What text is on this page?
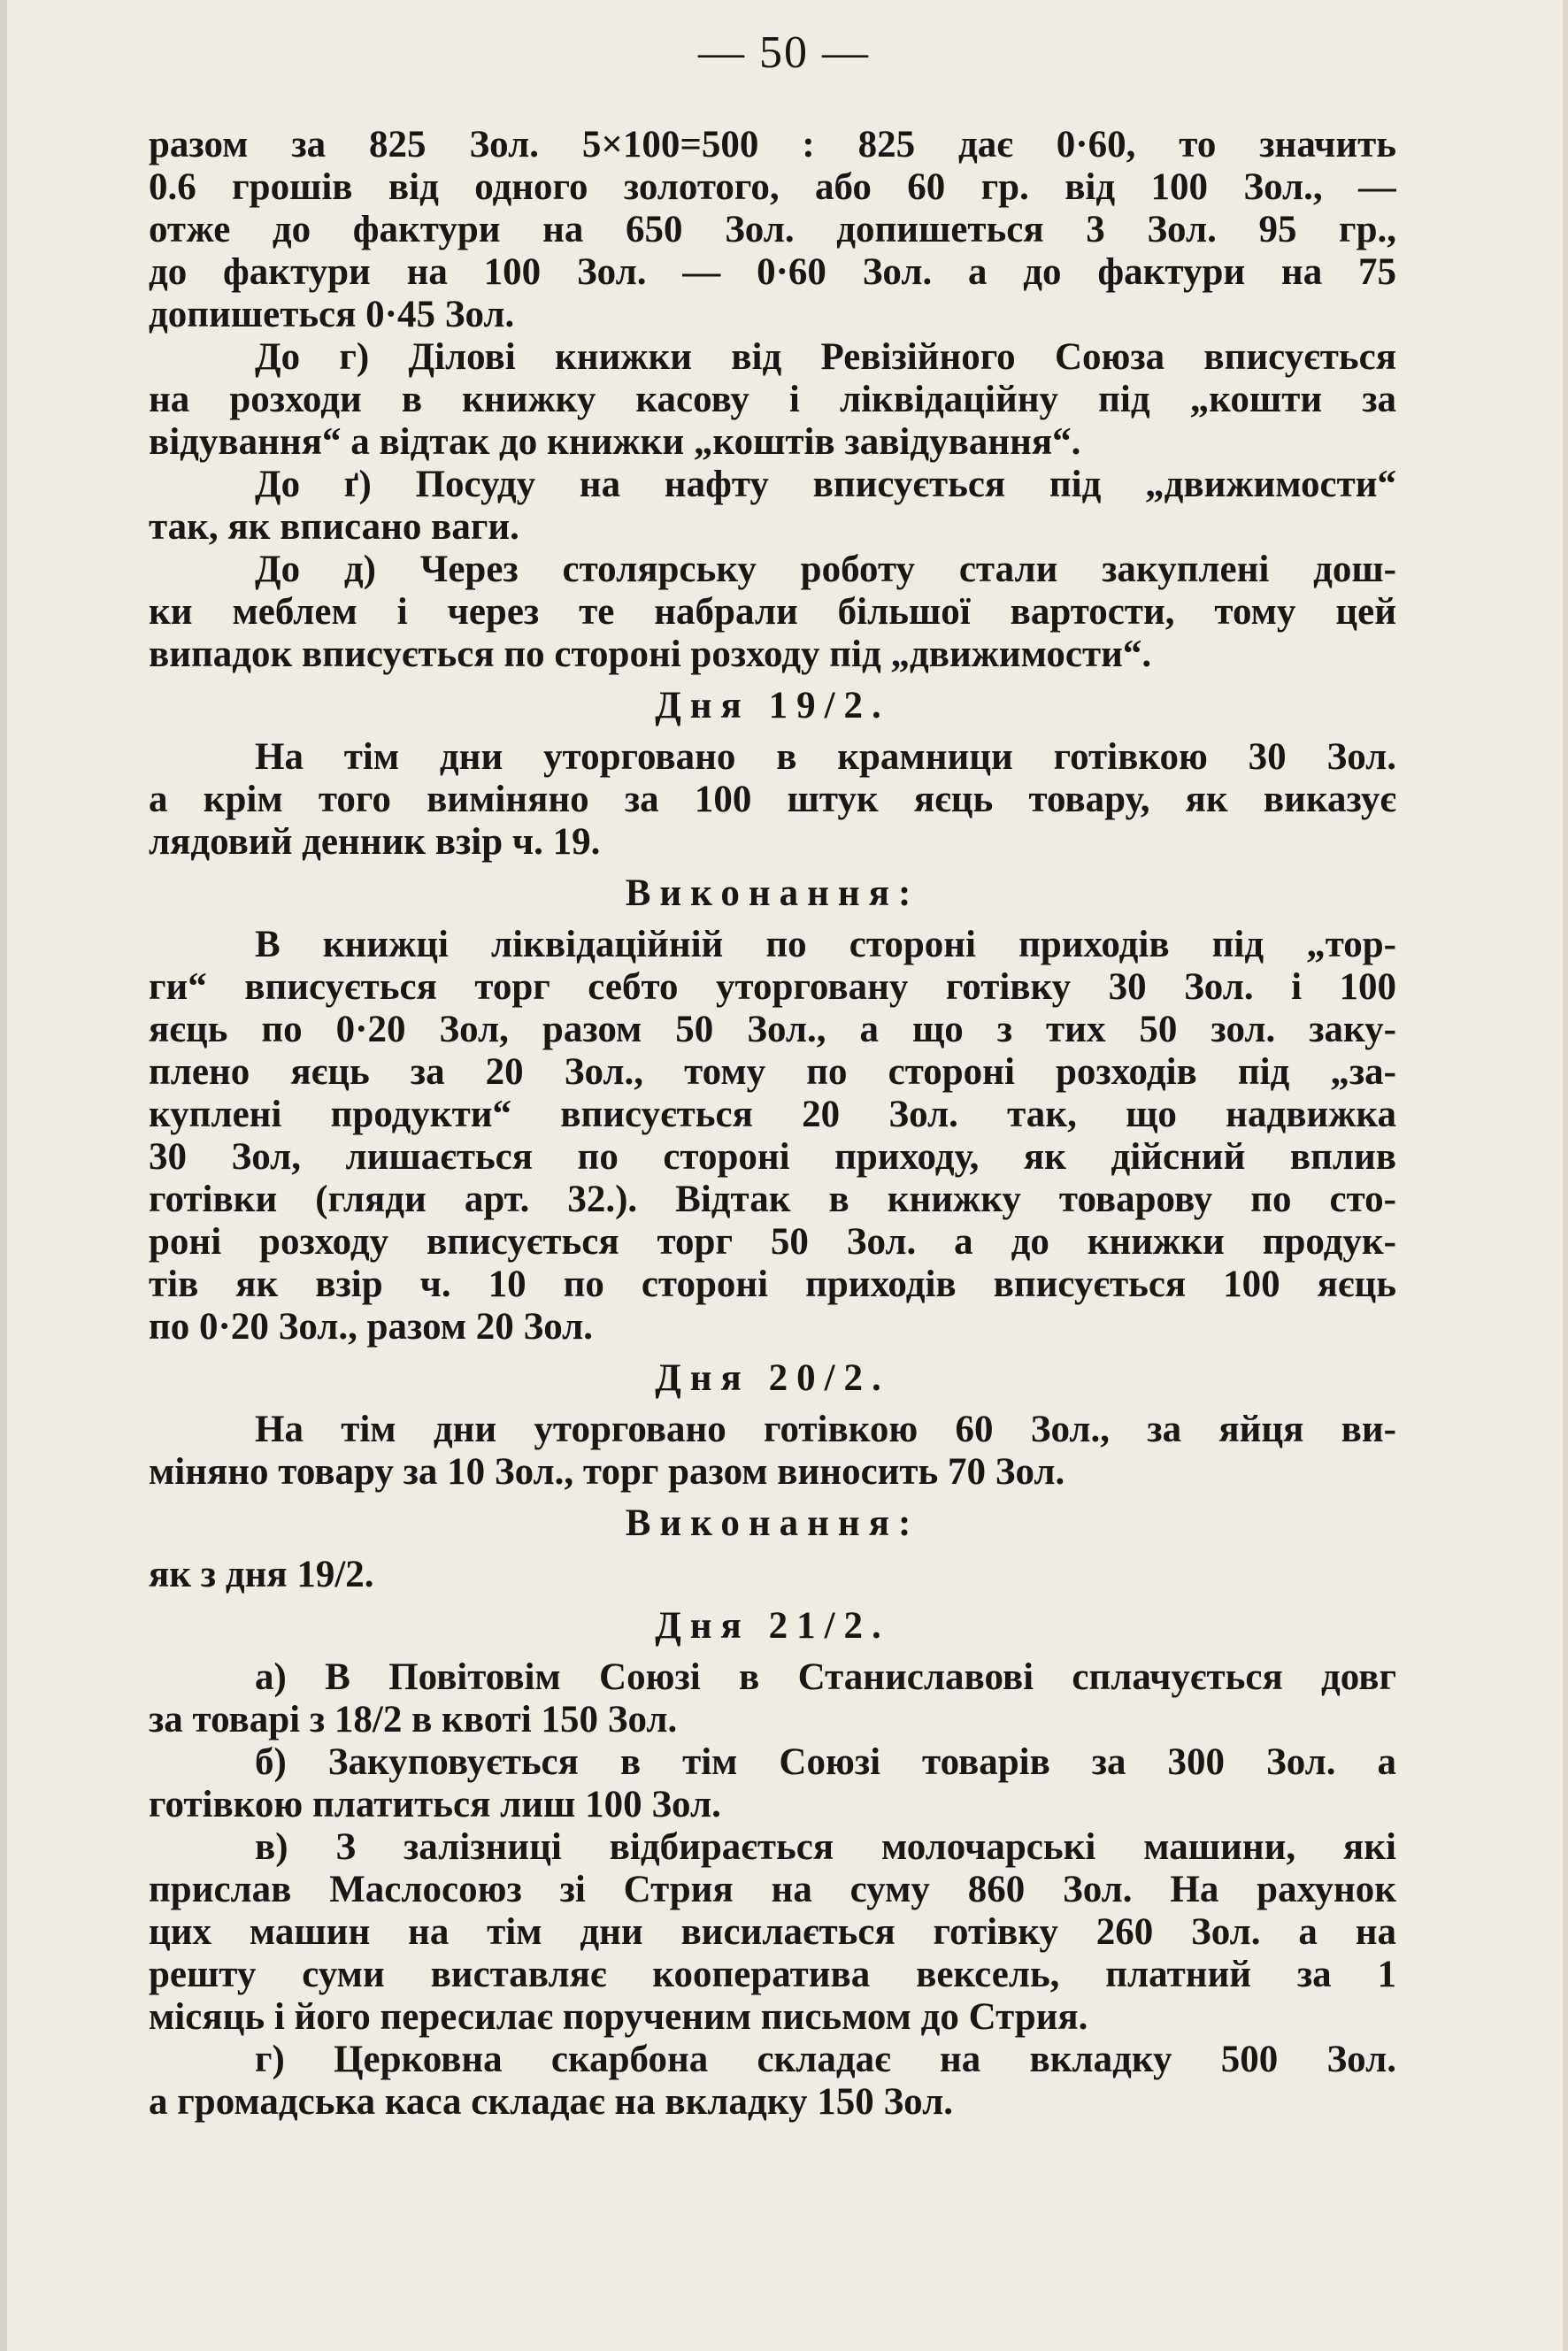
— 50 —

разом за 825 Зол. 5×100=500 : 825 дає 0·60, то значить
0.6 грошів від одного золотого, або 60 гр. від 100 Зол., —
отже до фактури на 650 Зол. допишеться 3 Зол. 95 гр.,
до фактури на 100 Зол. — 0·60 Зол. а до фактури на 75
допишеться 0·45 Зол.

До г) Ділові книжки від Ревізійного Союза вписується
на розходи в книжку касову і ліквідаційну під „кошти за
відування“ а відтак до книжки „коштів завідування“.

До ґ) Посуду на нафту вписується під „движимости“
так, як вписано ваги.

До д) Через столярську роботу стали закуплені дош-
ки меблем і через те набрали більшої вартости, тому цей
випадок вписується по стороні розходу під „движимости“.

Дня 19/2.

На тім дни уторговано в крамници готівкою 30 Зол.
а крім того виміняно за 100 штук яєць товару, як виказує
лядовий денник взір ч. 19.

Виконання:

В книжці ліквідаційній по стороні приходів під „тор-
ги“ вписується торг себто уторговану готівку 30 Зол. і 100
яєць по 0·20 Зол, разом 50 Зол., а що з тих 50 зол. заку-
плено яєць за 20 Зол., тому по стороні розходів під „за-
куплені продукти“ вписується 20 Зол. так, що надвижка
30 Зол, лишається по стороні приходу, як дійсний вплив
готівки (гляди арт. 32.). Відтак в книжку товарову по сто-
роні розходу вписується торг 50 Зол. а до книжки продук-
тів як взір ч. 10 по стороні приходів вписується 100 яєць
по 0·20 Зол., разом 20 Зол.

Дня 20/2.

На тім дни уторговано готівкою 60 Зол., за яйця ви-
міняно товару за 10 Зол., торг разом виносить 70 Зол.

Виконання:

як з дня 19/2.

Дня 21/2.

а) В Повітовім Союзі в Станиславові сплачується довг
за товарі з 18/2 в квоті 150 Зол.

б) Закуповується в тім Союзі товарів за 300 Зол. а
готівкою платиться лиш 100 Зол.

в) З залізниці відбирається молочарські машини, які
прислав Маслосоюз зі Стрия на суму 860 Зол. На рахунок
цих машин на тім дни висилається готівку 260 Зол. а на
решту суми виставляє кооператива вексель, платний за 1
місяць і його пересилає поручeним письмом до Стрия.

г) Церковна скарбона складає на вкладку 500 Зол.
а громадська каса складає на вкладку 150 Зол.
